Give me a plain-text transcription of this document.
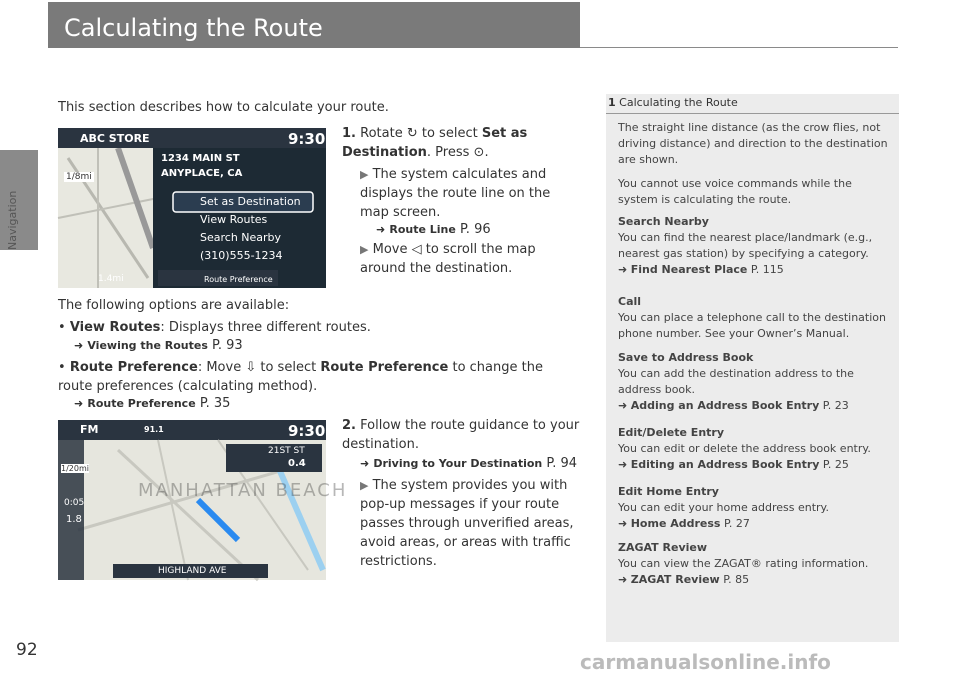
Navigation
Calculating the Route
This section describes how to calculate your route.
ABC STORE	9:30
1234 MAIN ST
ANYPLACE, CA
1/8mi
1.4mi
Set as Destination
View Routes
Search Nearby
(310)555-1234
Route Preference
1. Rotate ↻ to select Set as Destination. Press ⊙.
▶ The system calculates and displays the route line on the map screen.
➜ Route Line P. 96
▶ Move ◁ to scroll the map around the destination.
The following options are available:
• View Routes: Displays three different routes.
➜ Viewing the Routes P. 93
• Route Preference: Move ⇩ to select Route Preference to change the route preferences (calculating method).
➜ Route Preference P. 35
FM	91.1	9:30
21ST ST
0.4
1/20mi
0:05
1.8
MANHATTAN BEACH
HIGHLAND AVE
2. Follow the route guidance to your destination.
➜ Driving to Your Destination P. 94
▶ The system provides you with pop-up messages if your route passes through unverified areas, avoid areas, or areas with traffic restrictions.
1 Calculating the Route
The straight line distance (as the crow flies, not driving distance) and direction to the destination are shown.
You cannot use voice commands while the system is calculating the route.
Search Nearby
You can find the nearest place/landmark (e.g., nearest gas station) by specifying a category.
➜ Find Nearest Place P. 115
Call
You can place a telephone call to the destination phone number. See your Owner’s Manual.
Save to Address Book
You can add the destination address to the address book.
➜ Adding an Address Book Entry P. 23
Edit/Delete Entry
You can edit or delete the address book entry.
➜ Editing an Address Book Entry P. 25
Edit Home Entry
You can edit your home address entry.
➜ Home Address P. 27
ZAGAT Review
You can view the ZAGAT® rating information.
➜ ZAGAT Review P. 85
92	carmanualsonline.info
